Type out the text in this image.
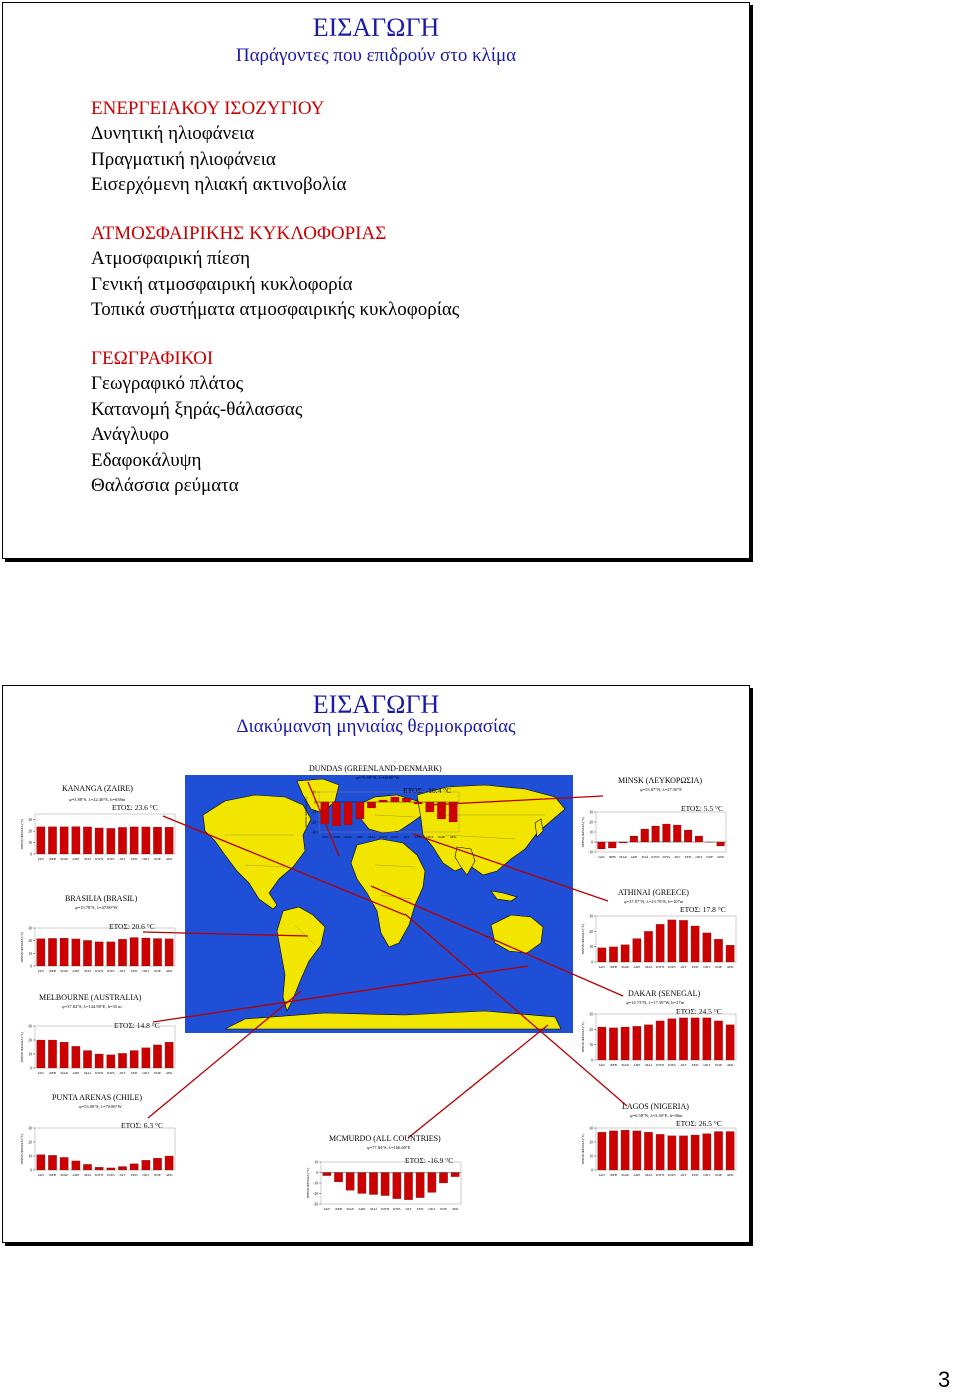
ΕΙΣΑΓΩΓΗ
Παράγοντες που επιδρούν στο κλίμα
ΕΝΕΡΓΕΙΑΚΟΥ ΙΣΟΖΥΓΙΟΥ
Δυνητική ηλιοφάνεια
Πραγματική ηλιοφάνεια
Εισερχόμενη ηλιακή ακτινοβολία
ΑΤΜΟΣΦΑΙΡΙΚΗΣ ΚΥΚΛΟΦΟΡΙΑΣ
Ατμοσφαιρική πίεση
Γενική ατμοσφαιρική κυκλοφορία
Τοπικά συστήματα ατμοσφαιρικής κυκλοφορίας
ΓΕΩΓΡΑΦΙΚΟΙ
Γεωγραφικό πλάτος
Κατανομή ξηράς-θάλασσας
Ανάγλυφο
Εδαφοκάλυψη
Θαλάσσια ρεύματα
ΕΙΣΑΓΩΓΗ
Διακύμανση μηνιαίας θερμοκρασίας
KANANGA (ZAIRE)
φ=5.88°S, λ=22.40°E, h=658m
ΕΤΟΣ: 23.6 °C
0
10
20
30
ΘΕΡΜΟΚΡΑΣΙΑ (°C)
ΙΑΝ ΦΕΒ ΜΑΡ ΑΠΡ ΜΑΪ ΙΟΥΝ ΙΟΥΛ ΑΥΓ ΣΕΠ ΟΚΤ ΝΟΕ ΔΕΚ
DUNDAS (GREENLAND-DENMARK)
φ=76.59°N, λ=68.80°W
ΕΤΟΣ: -10.4 °C
-30
-20
-10
0
10
ΘΕΡΜΟΚΡΑΣΙΑ (°C)
ΙΑΝ ΦΕΒ ΜΑΡ ΑΠΡ ΜΑΪ ΙΟΥΝ ΙΟΥΛ ΑΥΓ ΣΕΠ ΟΚΤ ΝΟΕ ΔΕΚ
MINSK (ΛΕΥΚΟΡΩΣΙΑ)
φ=53.87°N, λ=27.50°E
ΕΤΟΣ: 5.5 °C
-10
0
10
20
30
ΘΕΡΜΟΚΡΑΣΙΑ (°C)
ΙΑΝ ΦΕΒ ΜΑΡ ΑΠΡ ΜΑΪ ΙΟΥΝ ΙΟΥΛ ΑΥΓ ΣΕΠ ΟΚΤ ΝΟΕ ΔΕΚ
BRASILIA (BRASIL)
φ=15.78°S, λ=47.90°W
ΕΤΟΣ: 20.6 °C
0
10
20
30
ΘΕΡΜΟΚΡΑΣΙΑ (°C)
ΙΑΝ ΦΕΒ ΜΑΡ ΑΠΡ ΜΑΪ ΙΟΥΝ ΙΟΥΛ ΑΥΓ ΣΕΠ ΟΚΤ ΝΟΕ ΔΕΚ
ATHINAI (GREECE)
φ=37.97°N, λ=23.70°E, h=107m
ΕΤΟΣ: 17.8 °C
0
10
20
30
ΘΕΡΜΟΚΡΑΣΙΑ (°C)
ΙΑΝ ΦΕΒ ΜΑΡ ΑΠΡ ΜΑΪ ΙΟΥΝ ΙΟΥΛ ΑΥΓ ΣΕΠ ΟΚΤ ΝΟΕ ΔΕΚ
MELBOURNE (AUSTRALIA)
φ=37.82°S, λ=144.98°E, h=35 m
ΕΤΟΣ: 14.8 °C
0
10
20
30
ΘΕΡΜΟΚΡΑΣΙΑ (°C)
ΙΑΝ ΦΕΒ ΜΑΡ ΑΠΡ ΜΑΪ ΙΟΥΝ ΙΟΥΛ ΑΥΓ ΣΕΠ ΟΚΤ ΝΟΕ ΔΕΚ
DAKAR (SENEGAL)
φ=14.73°N, λ=17.50°W, h=27m
ΕΤΟΣ: 24.5 °C
0
10
20
30
ΘΕΡΜΟΚΡΑΣΙΑ (°C)
ΙΑΝ ΦΕΒ ΜΑΡ ΑΠΡ ΜΑΪ ΙΟΥΝ ΙΟΥΛ ΑΥΓ ΣΕΠ ΟΚΤ ΝΟΕ ΔΕΚ
PUNTA ARENAS (CHILE)
φ=53.00°S, λ=70.88°W
ΕΤΟΣ: 6.3 °C
0
10
20
30
ΘΕΡΜΟΚΡΑΣΙΑ (°C)
ΙΑΝ ΦΕΒ ΜΑΡ ΑΠΡ ΜΑΪ ΙΟΥΝ ΙΟΥΛ ΑΥΓ ΣΕΠ ΟΚΤ ΝΟΕ ΔΕΚ
MCMURDO (ALL COUNTRIES)
φ=77.84°S, λ=166.60°E
ΕΤΟΣ: -16.9 °C
-30
-20
-10
0
10
ΘΕΡΜΟΚΡΑΣΙΑ (°C)
ΙΑΝ ΦΕΒ ΜΑΡ ΑΠΡ ΜΑΪ ΙΟΥΝ ΙΟΥΛ ΑΥΓ ΣΕΠ ΟΚΤ ΝΟΕ ΔΕΚ
LAGOS (NIGERIA)
φ=6.58°N, λ=3.30°E, h=40m
ΕΤΟΣ: 26.5 °C
0
10
20
30
ΘΕΡΜΟΚΡΑΣΙΑ (°C)
ΙΑΝ ΦΕΒ ΜΑΡ ΑΠΡ ΜΑΪ ΙΟΥΝ ΙΟΥΛ ΑΥΓ ΣΕΠ ΟΚΤ ΝΟΕ ΔΕΚ
3
